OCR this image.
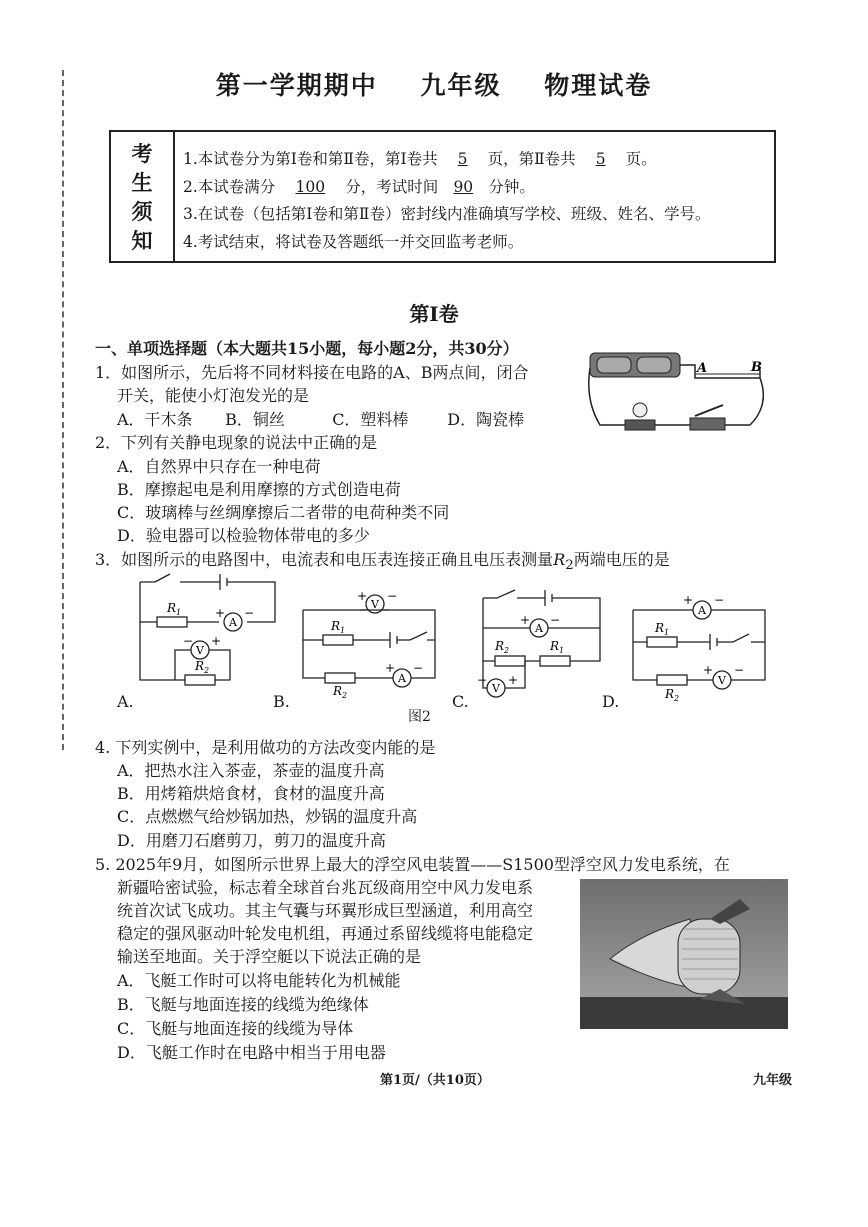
第一学期期中 九年级 物理试卷
考
生
须
知
1.本试卷分为第Ⅰ卷和第Ⅱ卷，第Ⅰ卷共 5 页，第Ⅱ卷共 5 页。
2.本试卷满分 100 分，考试时间 90 分钟。
3.在试卷（包括第Ⅰ卷和第Ⅱ卷）密封线内准确填写学校、班级、姓名、学号。
4.考试结束，将试卷及答题纸一并交回监考老师。
第Ⅰ卷
一、单项选择题（本大题共15小题，每小题2分，共30分）
1．如图所示，先后将不同材料接在电路的A、B两点间，闭合
开关，能使小灯泡发光的是
A．干木条 B．铜丝	C．塑料棒 D．陶瓷棒
A	B
2．下列有关静电现象的说法中正确的是
A．自然界中只存在一种电荷
B．摩擦起电是利用摩擦的方式创造电荷
C．玻璃棒与丝绸摩擦后二者带的电荷种类不同
D．验电器可以检验物体带电的多少
3．如图所示的电路图中，电流表和电压表连接正确且电压表测量$R_2$两端电压的是
$R_1$
$R_2$
A
V
+ −
− +
A.
V
A
+ −
+ −
$R_1$
$R_2$
B.
A
V
+ −
− +
$R_2$	$R_1$
C.
A
V
+ −
+ −
$R_1$
$R_2$
D.
图2
4. 下列实例中，是利用做功的方法改变内能的是
A．把热水注入茶壶，茶壶的温度升高
B．用烤箱烘焙食材，食材的温度升高
C．点燃燃气给炒锅加热，炒锅的温度升高
D．用磨刀石磨剪刀，剪刀的温度升高
5. 2025年9月，如图所示世界上最大的浮空风电装置——S1500型浮空风力发电系统，在
新疆哈密试验，标志着全球首台兆瓦级商用空中风力发电系
统首次试飞成功。其主气囊与环翼形成巨型涵道，利用高空
稳定的强风驱动叶轮发电机组，再通过系留线缆将电能稳定
输送至地面。关于浮空艇以下说法正确的是
A．飞艇工作时可以将电能转化为机械能
B．飞艇与地面连接的线缆为绝缘体
C．飞艇与地面连接的线缆为导体
D．飞艇工作时在电路中相当于用电器
第1页/（共10页）	九年级
